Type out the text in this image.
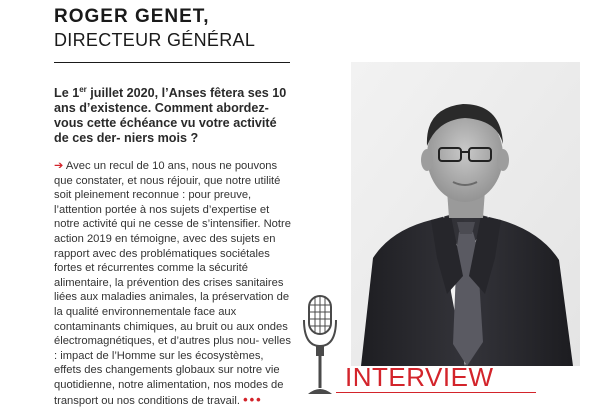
ROGER GENET,
DIRECTEUR GÉNÉRAL
Le 1er juillet 2020, l’Anses fêtera ses 10 ans d’existence. Comment abordez-vous cette échéance vu votre activité de ces der- niers mois ?
➔ Avec un recul de 10 ans, nous ne pouvons que constater, et nous réjouir, que notre utilité soit pleinement reconnue : pour preuve, l’attention portée à nos sujets d’expertise et notre activité qui ne cesse de s’intensifier. Notre action 2019 en témoigne, avec des sujets en rapport avec des problématiques sociétales fortes et récurrentes comme la sécurité alimentaire, la prévention des crises sanitaires liées aux maladies animales, la préservation de la qualité environnementale face aux contaminants chimiques, au bruit ou aux ondes électromagnétiques, et d’autres plus nou- velles : impact de l’Homme sur les écosystèmes, effets des changements globaux sur notre vie quotidienne, notre alimentation, nos modes de transport ou nos conditions de travail. •••
INTERVIEW
